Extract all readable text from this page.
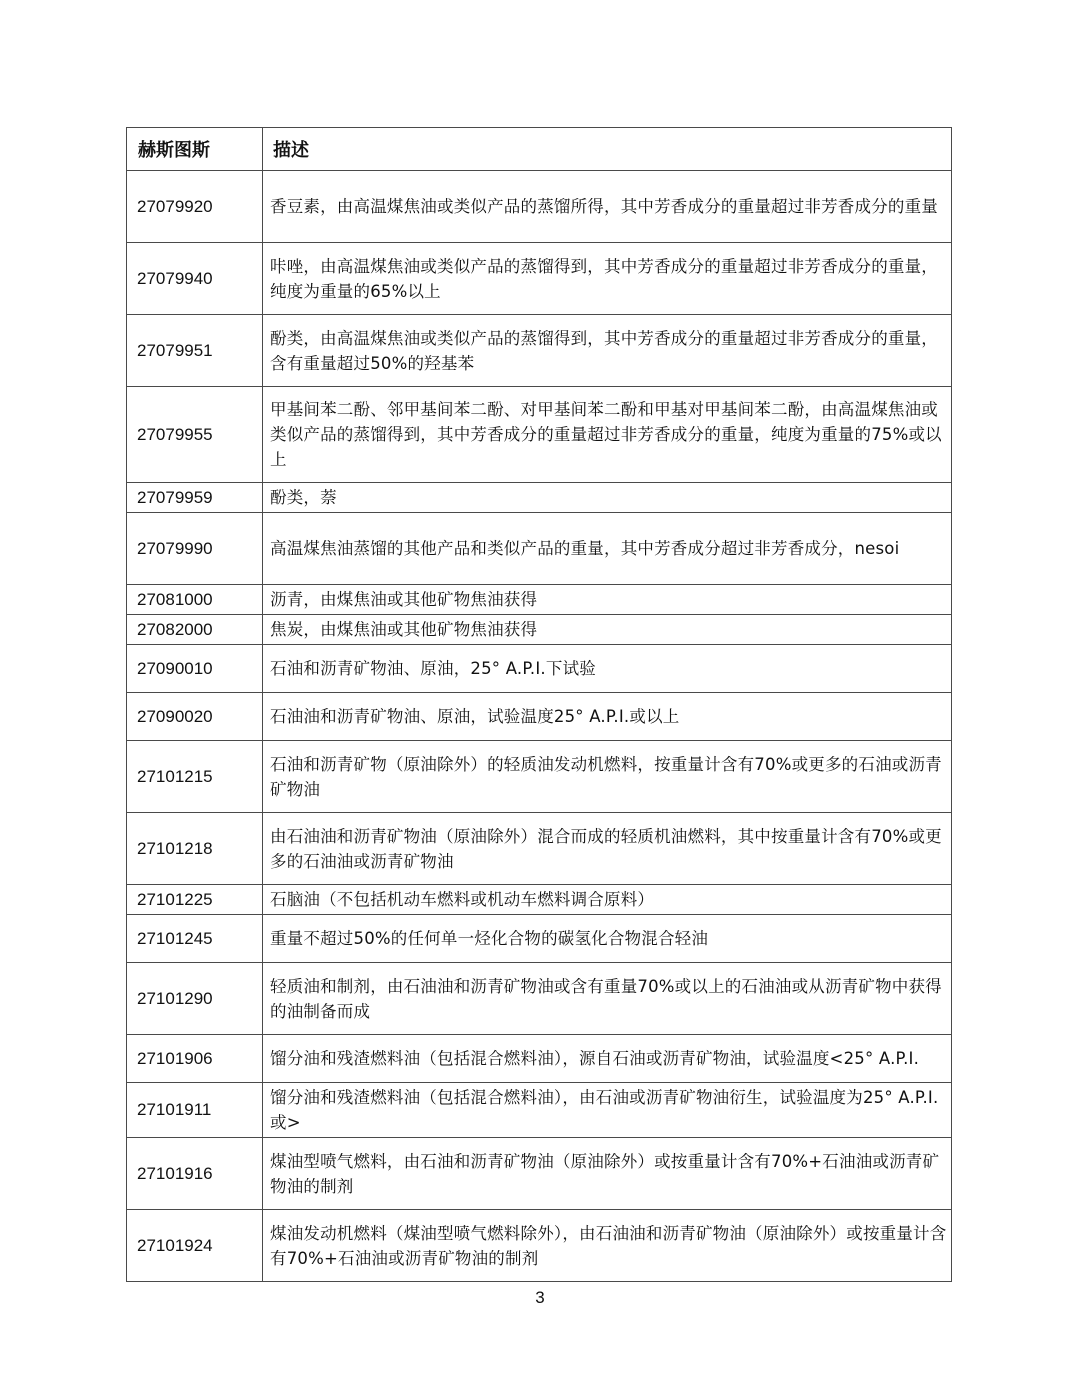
赫斯图斯	描述

27079920	香豆素，由高温煤焦油或类似产品的蒸馏所得，其中芳香成分的重量超过非芳香成分的重量
27079940	咔唑，由高温煤焦油或类似产品的蒸馏得到，其中芳香成分的重量超过非芳香成分的重量，纯度为重量的65%以上
27079951	酚类，由高温煤焦油或类似产品的蒸馏得到，其中芳香成分的重量超过非芳香成分的重量，含有重量超过50%的羟基苯
27079955	甲基间苯二酚、邻甲基间苯二酚、对甲基间苯二酚和甲基对甲基间苯二酚，由高温煤焦油或类似产品的蒸馏得到，其中芳香成分的重量超过非芳香成分的重量，纯度为重量的75%或以上
27079959	酚类，萘
27079990	高温煤焦油蒸馏的其他产品和类似产品的重量，其中芳香成分超过非芳香成分，nesoi
27081000	沥青，由煤焦油或其他矿物焦油获得
27082000	焦炭，由煤焦油或其他矿物焦油获得
27090010	石油和沥青矿物油、原油，25° A.P.I.下试验
27090020	石油油和沥青矿物油、原油，试验温度25° A.P.I.或以上
27101215	石油和沥青矿物（原油除外）的轻质油发动机燃料，按重量计含有70%或更多的石油或沥青矿物油
27101218	由石油油和沥青矿物油（原油除外）混合而成的轻质机油燃料，其中按重量计含有70%或更多的石油油或沥青矿物油
27101225	石脑油（不包括机动车燃料或机动车燃料调合原料）
27101245	重量不超过50%的任何单一烃化合物的碳氢化合物混合轻油
27101290	轻质油和制剂，由石油油和沥青矿物油或含有重量70%或以上的石油油或从沥青矿物中获得的油制备而成
27101906	馏分油和残渣燃料油（包括混合燃料油），源自石油或沥青矿物油，试验温度<25° A.P.I.
27101911	馏分油和残渣燃料油（包括混合燃料油），由石油或沥青矿物油衍生，试验温度为25° A.P.I.或>
27101916	煤油型喷气燃料，由石油和沥青矿物油（原油除外）或按重量计含有70%+石油油或沥青矿物油的制剂
27101924	煤油发动机燃料（煤油型喷气燃料除外），由石油油和沥青矿物油（原油除外）或按重量计含有70%+石油油或沥青矿物油的制剂
3
